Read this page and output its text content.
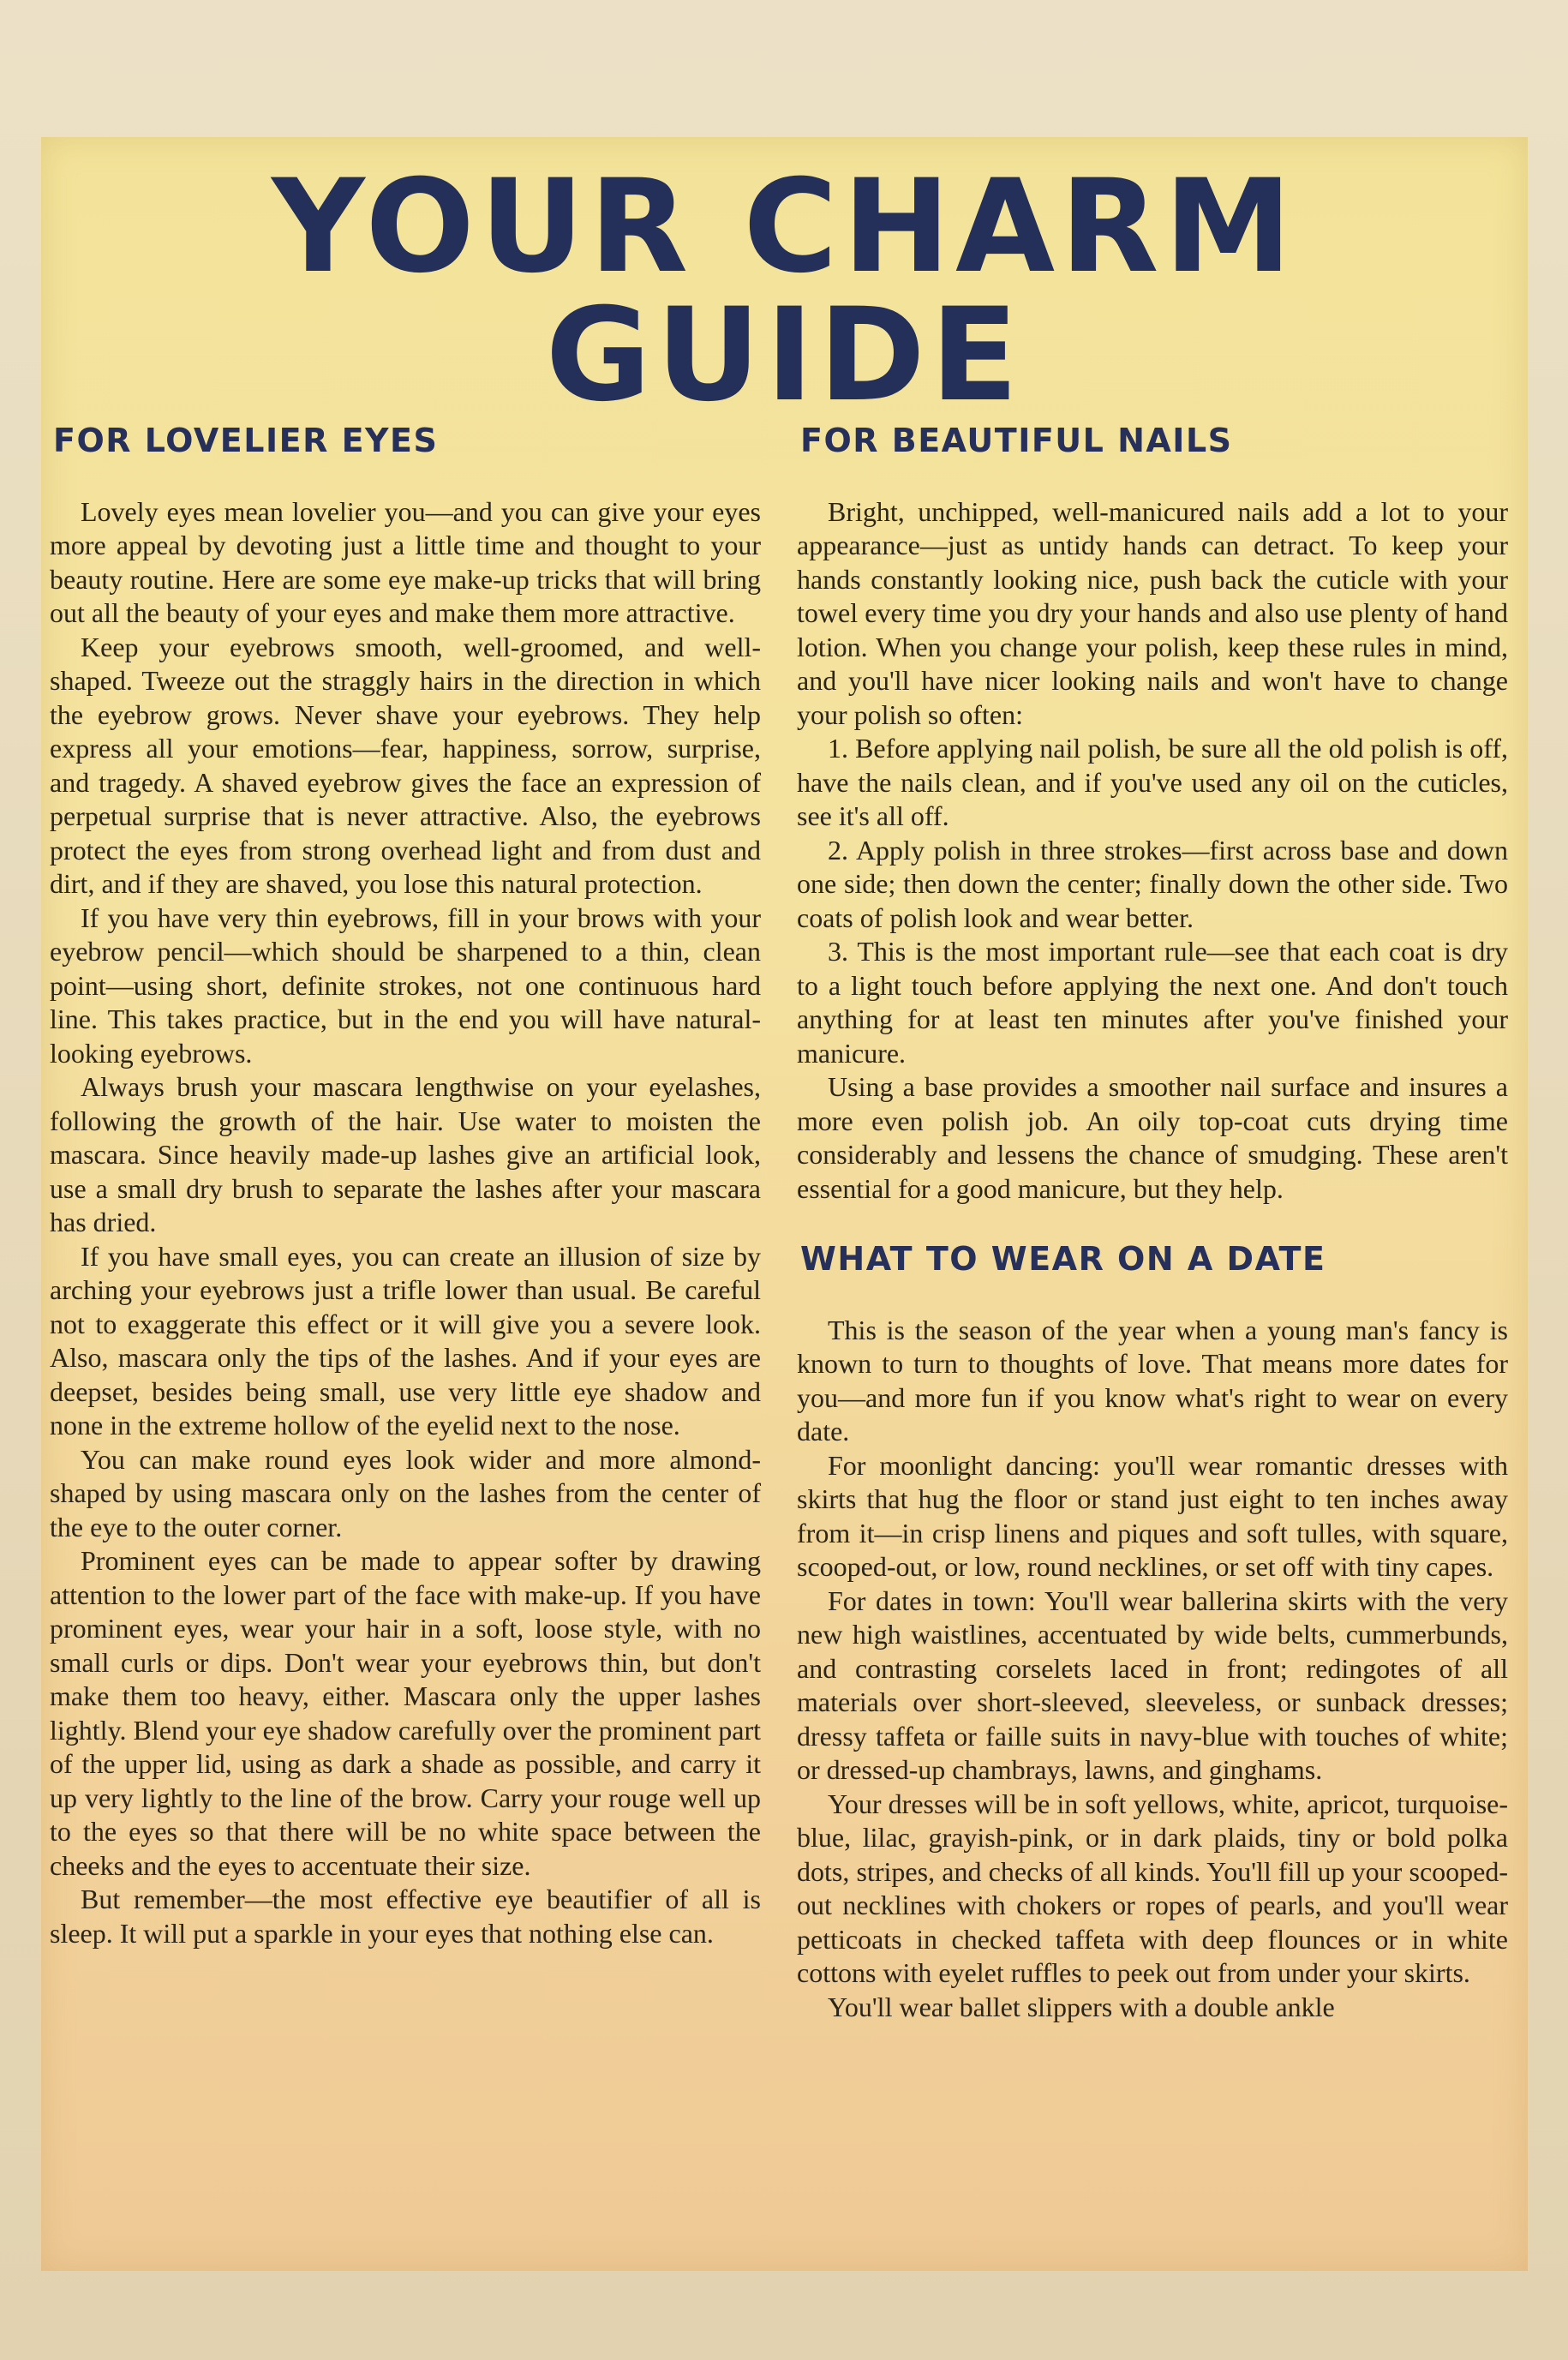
YOUR CHARM GUIDE
FOR LOVELIER EYES

Lovely eyes mean lovelier you—and you can give your eyes more appeal by devoting just a little time and thought to your beauty routine. Here are some eye make-up tricks that will bring out all the beauty of your eyes and make them more attractive.

Keep your eyebrows smooth, well-groomed, and well-shaped. Tweeze out the straggly hairs in the direction in which the eyebrow grows. Never shave your eyebrows. They help express all your emotions—fear, happiness, sorrow, surprise, and tragedy. A shaved eyebrow gives the face an expression of perpetual surprise that is never attractive. Also, the eyebrows protect the eyes from strong overhead light and from dust and dirt, and if they are shaved, you lose this natural protection.

If you have very thin eyebrows, fill in your brows with your eyebrow pencil—which should be sharpened to a thin, clean point—using short, definite strokes, not one continuous hard line. This takes practice, but in the end you will have natural-looking eyebrows.

Always brush your mascara lengthwise on your eyelashes, following the growth of the hair. Use water to moisten the mascara. Since heavily made-up lashes give an artificial look, use a small dry brush to separate the lashes after your mascara has dried.

If you have small eyes, you can create an illusion of size by arching your eyebrows just a trifle lower than usual. Be careful not to exaggerate this effect or it will give you a severe look. Also, mascara only the tips of the lashes. And if your eyes are deepset, besides being small, use very little eye shadow and none in the extreme hollow of the eyelid next to the nose.

You can make round eyes look wider and more almond-shaped by using mascara only on the lashes from the center of the eye to the outer corner.

Prominent eyes can be made to appear softer by drawing attention to the lower part of the face with make-up. If you have prominent eyes, wear your hair in a soft, loose style, with no small curls or dips. Don't wear your eyebrows thin, but don't make them too heavy, either. Mascara only the upper lashes lightly. Blend your eye shadow carefully over the prominent part of the upper lid, using as dark a shade as possible, and carry it up very lightly to the line of the brow. Carry your rouge well up to the eyes so that there will be no white space between the cheeks and the eyes to accentuate their size.

But remember—the most effective eye beautifier of all is sleep. It will put a sparkle in your eyes that nothing else can.

FOR BEAUTIFUL NAILS

Bright, unchipped, well-manicured nails add a lot to your appearance—just as untidy hands can detract. To keep your hands constantly looking nice, push back the cuticle with your towel every time you dry your hands and also use plenty of hand lotion. When you change your polish, keep these rules in mind, and you'll have nicer looking nails and won't have to change your polish so often:

1. Before applying nail polish, be sure all the old polish is off, have the nails clean, and if you've used any oil on the cuticles, see it's all off.

2. Apply polish in three strokes—first across base and down one side; then down the center; finally down the other side. Two coats of polish look and wear better.

3. This is the most important rule—see that each coat is dry to a light touch before applying the next one. And don't touch anything for at least ten minutes after you've finished your manicure.

Using a base provides a smoother nail surface and insures a more even polish job. An oily top-coat cuts drying time considerably and lessens the chance of smudging. These aren't essential for a good manicure, but they help.

WHAT TO WEAR ON A DATE

This is the season of the year when a young man's fancy is known to turn to thoughts of love. That means more dates for you—and more fun if you know what's right to wear on every date.

For moonlight dancing: you'll wear romantic dresses with skirts that hug the floor or stand just eight to ten inches away from it—in crisp linens and piques and soft tulles, with square, scooped-out, or low, round necklines, or set off with tiny capes.

For dates in town: You'll wear ballerina skirts with the very new high waistlines, accentuated by wide belts, cummerbunds, and contrasting corselets laced in front; redingotes of all materials over short-sleeved, sleeveless, or sunback dresses; dressy taffeta or faille suits in navy-blue with touches of white; or dressed-up chambrays, lawns, and ginghams.

Your dresses will be in soft yellows, white, apricot, turquoise-blue, lilac, grayish-pink, or in dark plaids, tiny or bold polka dots, stripes, and checks of all kinds. You'll fill up your scooped-out necklines with chokers or ropes of pearls, and you'll wear petticoats in checked taffeta with deep flounces or in white cottons with eyelet ruffles to peek out from under your skirts.

You'll wear ballet slippers with a double ankle
